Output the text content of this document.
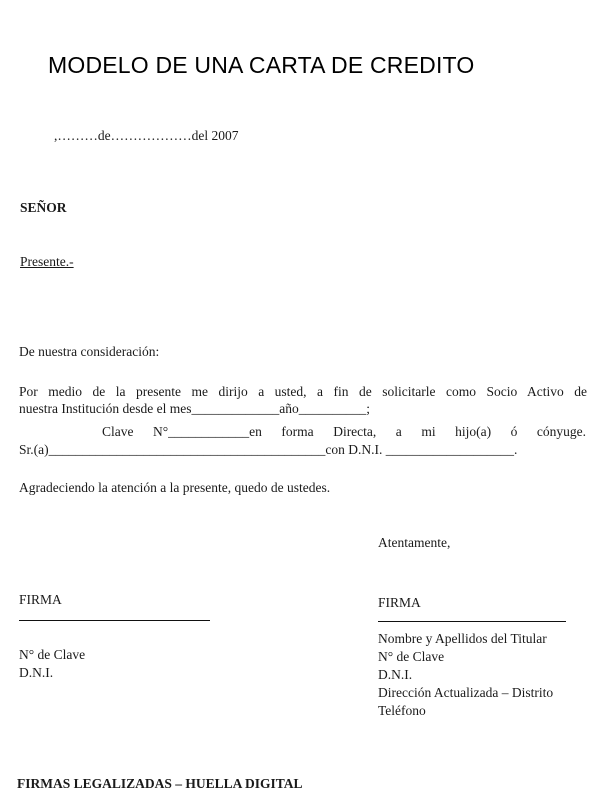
MODELO DE UNA CARTA DE CREDITO
,………de………………del 2007
SEÑOR
Presente.-
De nuestra consideración:
Por medio de la presente me dirijo a usted, a fin de solicitarle como Socio Activo de
nuestra Institución desde el mes_____________año__________;
Clave N°____________en forma Directa, a mi hijo(a) ó cónyuge.
Sr.(a)_________________________________________con D.N.I. ___________________.
Agradeciendo la atención a la presente, quedo de ustedes.
Atentamente,
FIRMA
N° de Clave
D.N.I.
FIRMA
Nombre y Apellidos del Titular
N° de Clave
D.N.I.
Dirección Actualizada – Distrito
Teléfono
FIRMAS LEGALIZADAS – HUELLA DIGITAL
